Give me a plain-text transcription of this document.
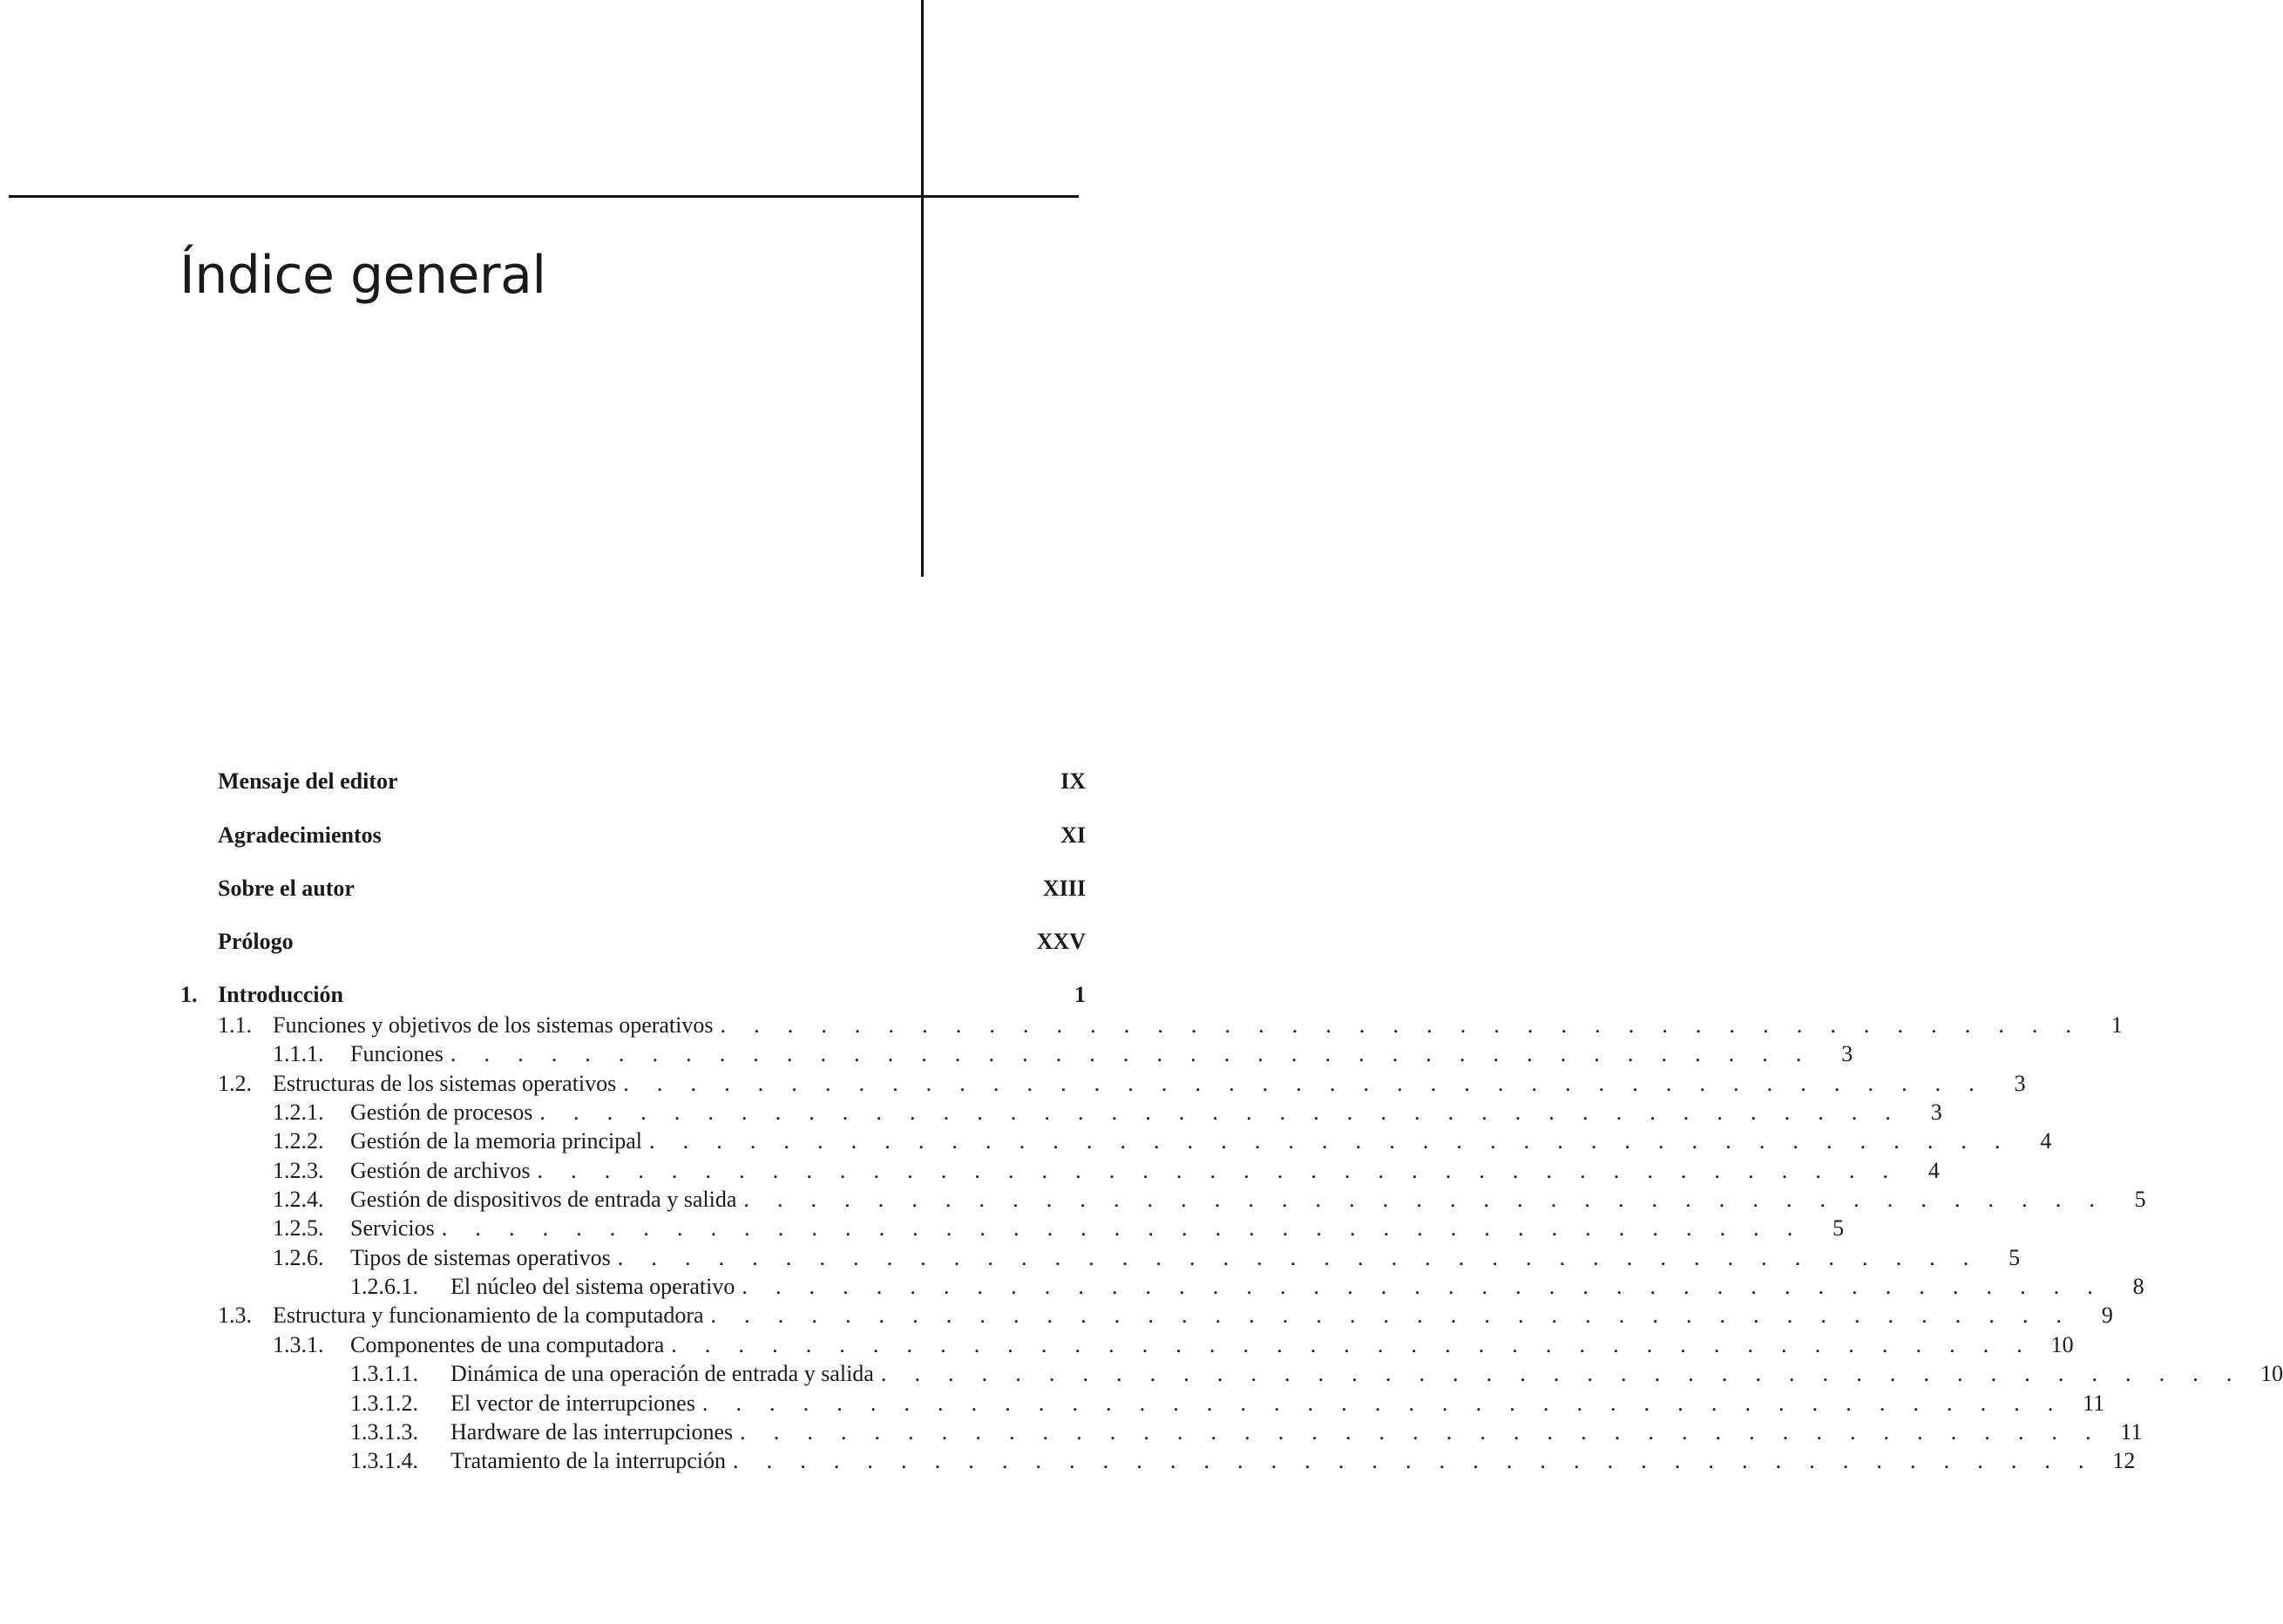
Índice general
Mensaje del editor	IX
Agradecimientos	XI
Sobre el autor	XIII
Prólogo	XXV
1. Introducción	1
1.1. Funciones y objetivos de los sistemas operativos . . . . . . . . . . . . . . . . . . . . . . . . . . . . . . . . . . . . . . . . .	1
1.1.1.	Funciones . . . . . . . . . . . . . . . . . . . . . . . . . . . . . . . . . . . . . . . . .	3
1.2. Estructuras de los sistemas operativos . . . . . . . . . . . . . . . . . . . . . . . . . . . . . . . . . . . . . . . . .	3
1.2.1.	Gestión de procesos . . . . . . . . . . . . . . . . . . . . . . . . . . . . . . . . . . . . . . . . .	3
1.2.2.	Gestión de la memoria principal . . . . . . . . . . . . . . . . . . . . . . . . . . . . . . . . . . . . . . . . .	4
1.2.3.	Gestión de archivos . . . . . . . . . . . . . . . . . . . . . . . . . . . . . . . . . . . . . . . . .	4
1.2.4.	Gestión de dispositivos de entrada y salida . . . . . . . . . . . . . . . . . . . . . . . . . . . . . . . . . . . . . . . . .	5
1.2.5.	Servicios . . . . . . . . . . . . . . . . . . . . . . . . . . . . . . . . . . . . . . . . .	5
1.2.6.	Tipos de sistemas operativos . . . . . . . . . . . . . . . . . . . . . . . . . . . . . . . . . . . . . . . . .	5
1.2.6.1.	El núcleo del sistema operativo . . . . . . . . . . . . . . . . . . . . . . . . . . . . . . . . . . . . . . . . .	8
1.3. Estructura y funcionamiento de la computadora . . . . . . . . . . . . . . . . . . . . . . . . . . . . . . . . . . . . . . . . .	9
1.3.1.	Componentes de una computadora . . . . . . . . . . . . . . . . . . . . . . . . . . . . . . . . . . . . . . . . . 10
1.3.1.1.	Dinámica de una operación de entrada y salida . . . . . . . . . . . . . . . . . . . . . . . . . . . . . . . . . . . . . . . . . 10
1.3.1.2.	El vector de interrupciones . . . . . . . . . . . . . . . . . . . . . . . . . . . . . . . . . . . . . . . . . 11
1.3.1.3.	Hardware de las interrupciones . . . . . . . . . . . . . . . . . . . . . . . . . . . . . . . . . . . . . . . . . 11
1.3.1.4.	Tratamiento de la interrupción . . . . . . . . . . . . . . . . . . . . . . . . . . . . . . . . . . . . . . . . . 12
